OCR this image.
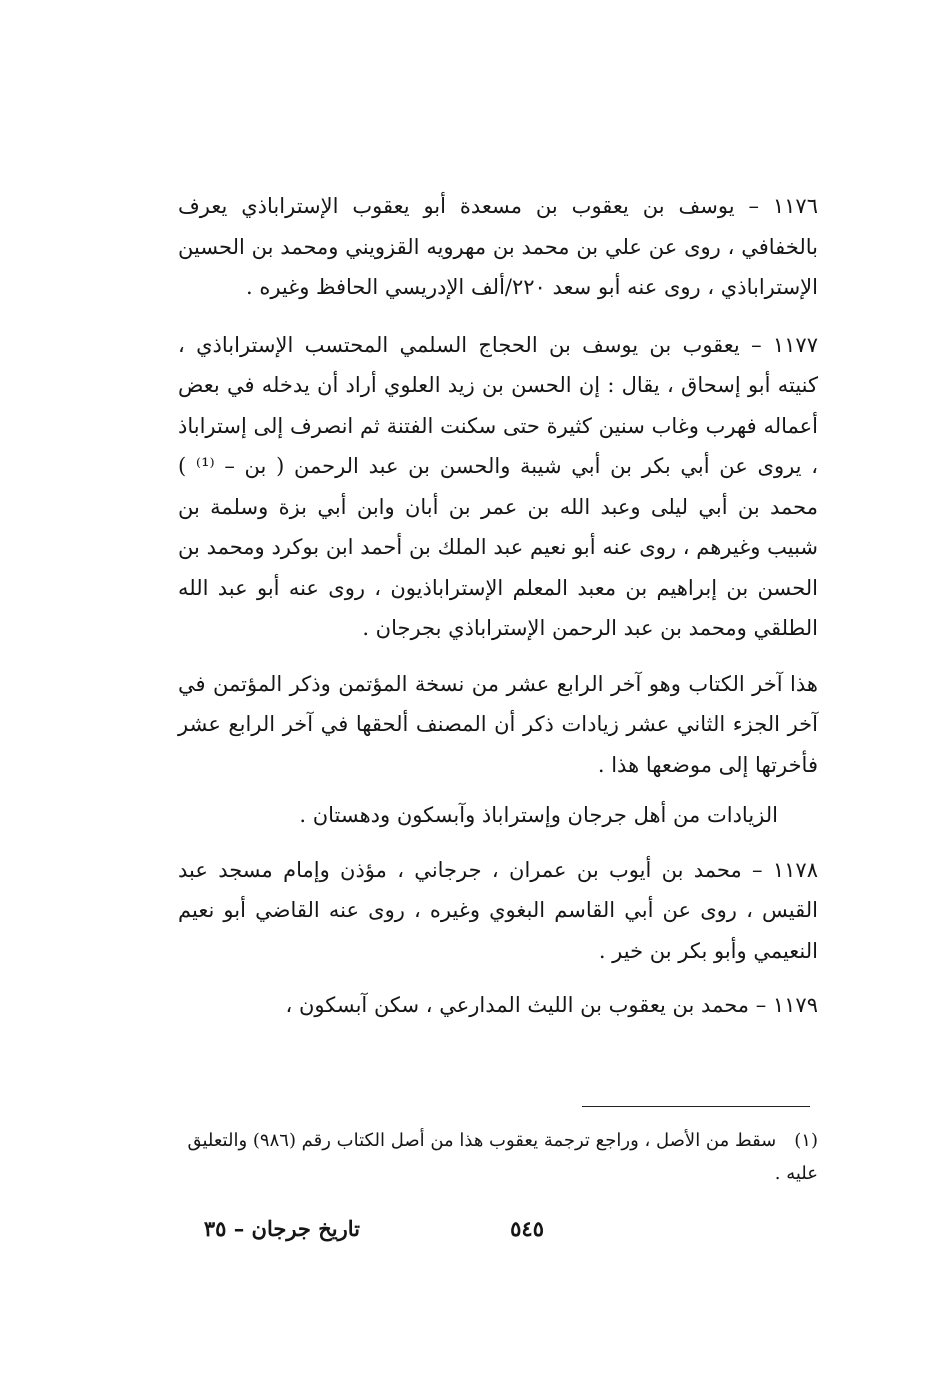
١١٧٦ – يوسف بن يعقوب بن مسعدة أبو يعقوب الإستراباذي يعرف بالخفافي ، روى عن علي بن محمد بن مهرويه القزويني ومحمد بن الحسين الإستراباذي ، روى عنه أبو سعد ٢٢٠/ألف الإدريسي الحافظ وغيره .

١١٧٧ – يعقوب بن يوسف بن الحجاج السلمي المحتسب الإستراباذي ، كنيته أبو إسحاق ، يقال : إن الحسن بن زيد العلوي أراد أن يدخله في بعض أعماله فهرب وغاب سنين كثيرة حتى سكنت الفتنة ثم انصرف إلى إستراباذ ، يروى عن أبي بكر بن أبي شيبة والحسن بن عبد الرحمن ( بن – ⁽¹⁾ ) محمد بن أبي ليلى وعبد الله بن عمر بن أبان وابن أبي بزة وسلمة بن شبيب وغيرهم ، روى عنه أبو نعيم عبد الملك بن أحمد ابن بوكرد ومحمد بن الحسن بن إبراهيم بن معبد المعلم الإستراباذيون ، روى عنه أبو عبد الله الطلقي ومحمد بن عبد الرحمن الإستراباذي بجرجان .

هذا آخر الكتاب وهو آخر الرابع عشر من نسخة المؤتمن وذكر المؤتمن في آخر الجزء الثاني عشر زيادات ذكر أن المصنف ألحقها في آخر الرابع عشر فأخرتها إلى موضعها هذا .

الزيادات من أهل جرجان وإستراباذ وآبسكون ودهستان .

١١٧٨ – محمد بن أيوب بن عمران ، جرجاني ، مؤذن وإمام مسجد عبد القيس ، روى عن أبي القاسم البغوي وغيره ، روى عنه القاضي أبو نعيم النعيمي وأبو بكر بن خير .

١١٧٩ – محمد بن يعقوب بن الليث المدارعي ، سكن آبسكون ،

(١)سقط من الأصل ، وراجع ترجمة يعقوب هذا من أصل الكتاب رقم (٩٨٦) والتعليق عليه .
٥٤٥
تاريخ جرجان – ٣٥
